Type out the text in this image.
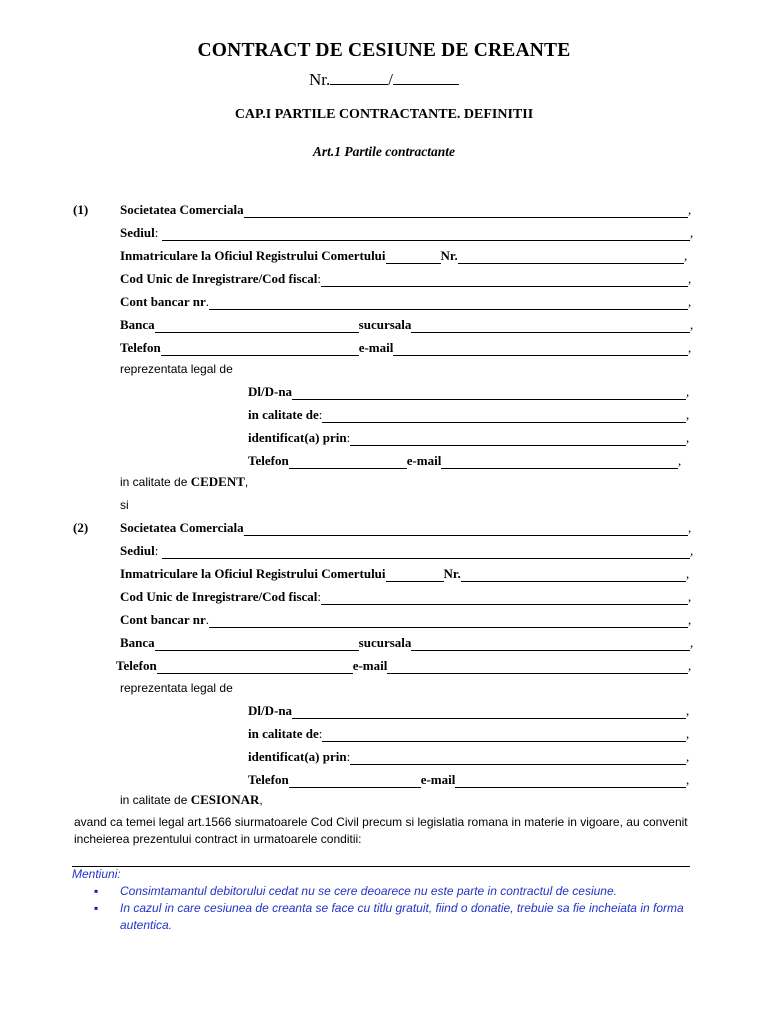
CONTRACT DE CESIUNE DE CREANTE
Nr.	/
CAP.I PARTILE CONTRACTANTE. DEFINITII
Art.1 Partile contractante
(1) Societatea Comerciala	,
Sediul :
	,
Inmatriculare la Oficiul Registrului Comertului	Nr.	,
Cod Unic de Inregistrare/Cod fiscal :	,
Cont bancar nr .	,
Banca	sucursala	,
Telefon	e-mail	,
reprezentata legal de
Dl/D-na	,
in calitate de :	,
identificat(a) prin :	,
Telefon	e-mail	,
in calitate de CEDENT,
si
(2) Societatea Comerciala	,
Sediul :
	,
Inmatriculare la Oficiul Registrului Comertului	Nr.	,
Cod Unic de Inregistrare/Cod fiscal :	,
Cont bancar nr .	,
Banca	sucursala	,
Telefon	e-mail	,
reprezentata legal de
Dl/D-na	,
in calitate de :	,
identificat(a) prin :	,
Telefon	e-mail	,
in calitate de CESIONAR,
avand ca temei legal art.1566 siurmatoarele Cod Civil precum si legislatia romana in materie in vigoare, au convenit incheierea prezentului contract in urmatoarele conditii:
Mentiuni:
▪ Consimtamantul debitorului cedat nu se cere deoarece nu este parte in contractul de cesiune.
▪ In cazul in care cesiunea de creanta se face cu titlu gratuit, fiind o donatie, trebuie sa fie incheiata in forma autentica.
